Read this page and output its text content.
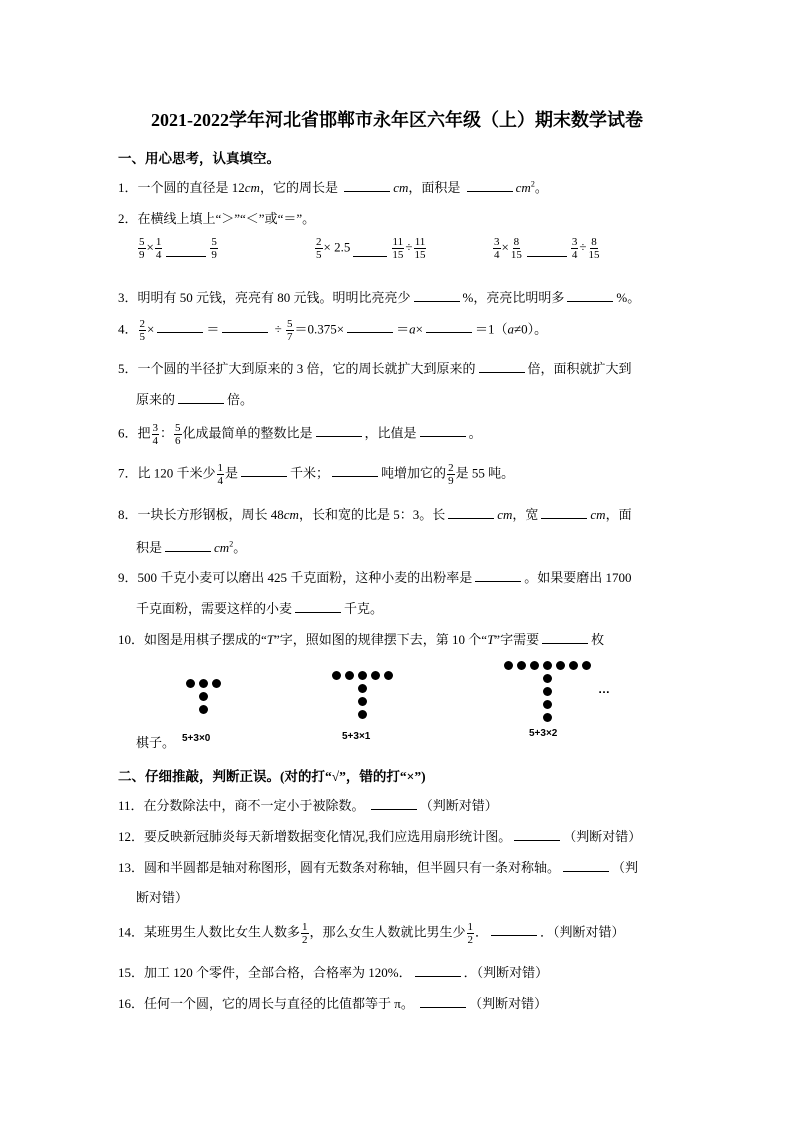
2021-2022学年河北省邯郸市永年区六年级（上）期末数学试卷
一、用心思考，认真填空。
1．一个圆的直径是 12cm，它的周长是	cm，面积是	$cm^2$。
2．在横线上填上“＞”“＜”或“＝”。
$\frac{5}{9} \times \frac{1}{4}$	$\frac{5}{9}$	$\frac{2}{5} \times 2.5$	$\frac{11}{15} \div \frac{11}{15}$	$\frac{3}{4} \times \frac{8}{15}$	$\frac{3}{4} \div \frac{8}{15}$
3．明明有 50 元钱，亮亮有 80 元钱。明明比亮亮少	%，亮亮比明明多	%。
4． $\frac{2}{5}$ ×	＝	÷ $\frac{5}{7} =0.375\times$	＝a×	＝1（a≠0）。
5．一个圆的半径扩大到原来的 3 倍，它的周长就扩大到原来的	倍，面积就扩大到
原来的	倍。
6．把 $\frac{3}{4}$ ： $\frac{5}{6}$ 化成最简单的整数比是	，比值是	。
7．比 120 千米少 $\frac{1}{4}$ 是	千米；	吨增加它的 $\frac{2}{9}$ 是 55 吨。
8．一块长方形钢板，周长 48cm，长和宽的比是 5：3。长	cm，宽	cm，面
积是	$cm^2$。
9．500 千克小麦可以磨出 425 千克面粉，这种小麦的出粉率是	。如果要磨出 1700
千克面粉，需要这样的小麦	千克。
10．如图是用棋子摆成的“T”字，照如图的规律摆下去，第 10 个“T”字需要	枚
…
5+3×0	5+3×1	5+3×2
棋子。
二、仔细推敲，判断正误。(对的打“√”，错的打“×”)
11．在分数除法中，商不一定小于被除数。	（判断对错）
12．要反映新冠肺炎每天新增数据变化情况,我们应选用扇形统计图。	（判断对错）
13．圆和半圆都是轴对称图形，圆有无数条对称轴，但半圆只有一条对称轴。	（判
断对错）
14．某班男生人数比女生人数多 $\frac{1}{2}$ ，那么女生人数就比男生少 $\frac{1}{2}$ ．	．（判断对错）
15．加工 120 个零件，全部合格，合格率为 120%．	．（判断对错）
16．任何一个圆，它的周长与直径的比值都等于 π。	（判断对错）
